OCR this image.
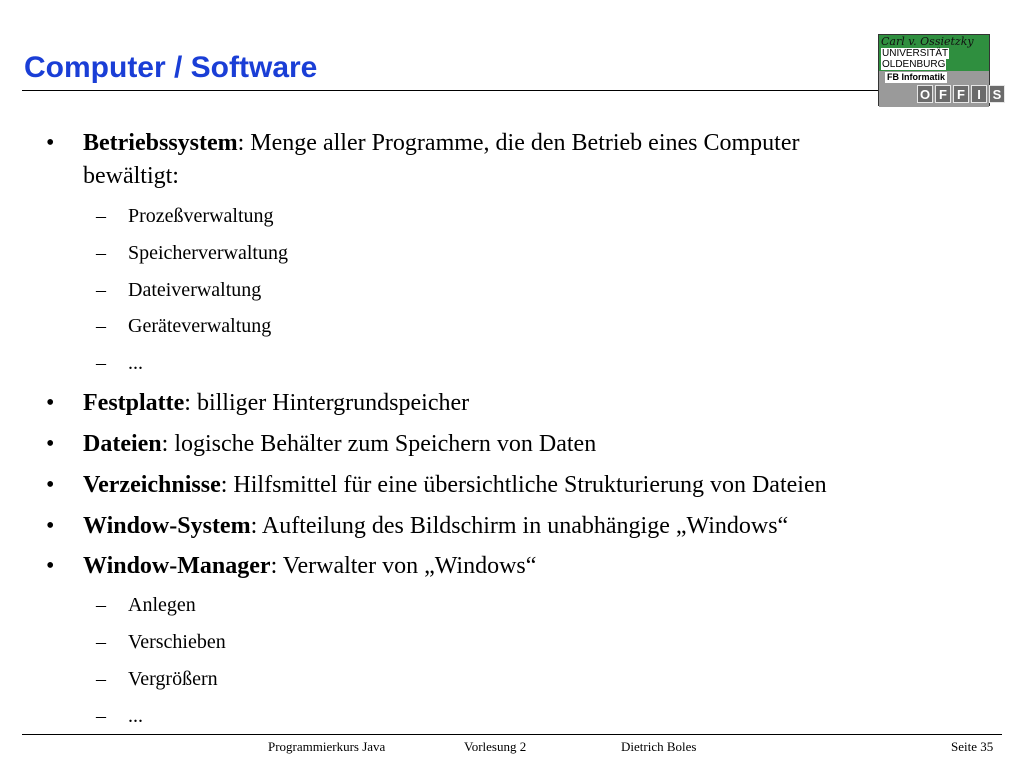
Computer / Software
Carl v. Ossietzky
UNIVERSITÄT
OLDENBURG
FB Informatik
O F F I S
• Betriebssystem: Menge aller Programme, die den Betrieb eines Computer
bewältigt:
– Prozeßverwaltung
– Speicherverwaltung
– Dateiverwaltung
– Geräteverwaltung
– ...
• Festplatte: billiger Hintergrundspeicher
• Dateien: logische Behälter zum Speichern von Daten
• Verzeichnisse: Hilfsmittel für eine übersichtliche Strukturierung von Dateien
• Window-System: Aufteilung des Bildschirm in unabhängige „Windows“
• Window-Manager: Verwalter von „Windows“
– Anlegen
– Verschieben
– Vergrößern
– ...
Programmierkurs Java	Vorlesung 2	Dietrich Boles	Seite 35
